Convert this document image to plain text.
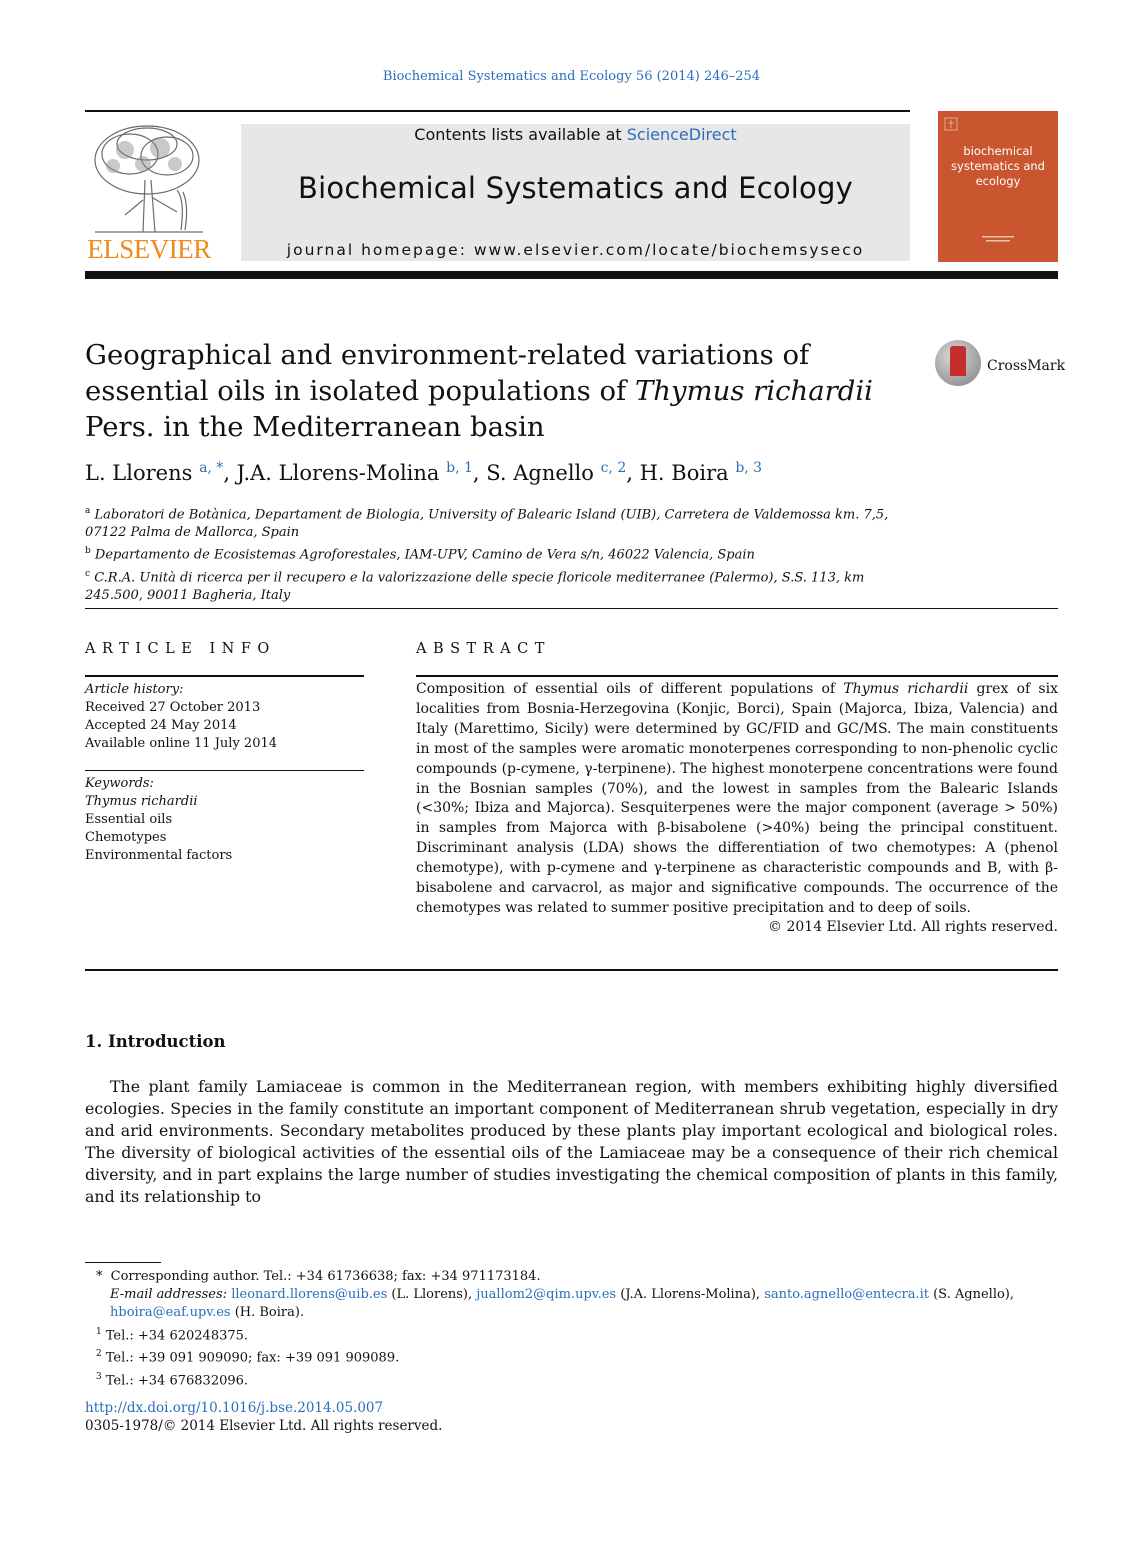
Biochemical Systematics and Ecology 56 (2014) 246–254
ELSEVIER
Contents lists available at ScienceDirect
Biochemical Systematics and Ecology
journal homepage: www.elsevier.com/locate/biochemsyseco
biochemical systematics and ecology
Geographical and environment-related variations of essential oils in isolated populations of Thymus richardii Pers. in the Mediterranean basin
CrossMark
L. Llorens $^{a, *}$, J.A. Llorens-Molina $^{b, 1}$, S. Agnello $^{c, 2}$, H. Boira $^{b, 3}$
$^a$ Laboratori de Botànica, Departament de Biologia, University of Balearic Island (UIB), Carretera de Valdemossa km. 7,5, 07122 Palma de Mallorca, Spain
$^b$ Departamento de Ecosistemas Agroforestales, IAM-UPV, Camino de Vera s/n, 46022 Valencia, Spain
$^c$ C.R.A. Unità di ricerca per il recupero e la valorizzazione delle specie floricole mediterranee (Palermo), S.S. 113, km 245.500, 90011 Bagheria, Italy
ARTICLE INFO	ABSTRACT
Article history:
Received 27 October 2013
Accepted 24 May 2014
Available online 11 July 2014
Keywords:
Thymus richardii
Essential oils
Chemotypes
Environmental factors
Composition of essential oils of different populations of Thymus richardii grex of six localities from Bosnia-Herzegovina (Konjic, Borci), Spain (Majorca, Ibiza, Valencia) and Italy (Marettimo, Sicily) were determined by GC/FID and GC/MS. The main constituents in most of the samples were aromatic monoterpenes corresponding to non-phenolic cyclic compounds (p-cymene, γ-terpinene). The highest monoterpene concentrations were found in the Bosnian samples (70%), and the lowest in samples from the Balearic Islands (<30%; Ibiza and Majorca). Sesquiterpenes were the major component (average > 50%) in samples from Majorca with β-bisabolene (>40%) being the principal constituent. Discriminant analysis (LDA) shows the differentiation of two chemotypes: A (phenol chemotype), with p-cymene and γ-terpinene as characteristic compounds and B, with β-bisabolene and carvacrol, as major and significative compounds. The occurrence of the chemotypes was related to summer positive precipitation and to deep of soils.
© 2014 Elsevier Ltd. All rights reserved.
1. Introduction
The plant family Lamiaceae is common in the Mediterranean region, with members exhibiting highly diversified ecologies. Species in the family constitute an important component of Mediterranean shrub vegetation, especially in dry and arid environments. Secondary metabolites produced by these plants play important ecological and biological roles. The diversity of biological activities of the essential oils of the Lamiaceae may be a consequence of their rich chemical diversity, and in part explains the large number of studies investigating the chemical composition of plants in this family, and its relationship to
* Corresponding author. Tel.: +34 61736638; fax: +34 971173184.
E-mail addresses: lleonard.llorens@uib.es (L. Llorens), juallom2@qim.upv.es (J.A. Llorens-Molina), santo.agnello@entecra.it (S. Agnello), hboira@eaf.upv.es (H. Boira).
$^1$ Tel.: +34 620248375.
$^2$ Tel.: +39 091 909090; fax: +39 091 909089.
$^3$ Tel.: +34 676832096.
http://dx.doi.org/10.1016/j.bse.2014.05.007
0305-1978/© 2014 Elsevier Ltd. All rights reserved.
